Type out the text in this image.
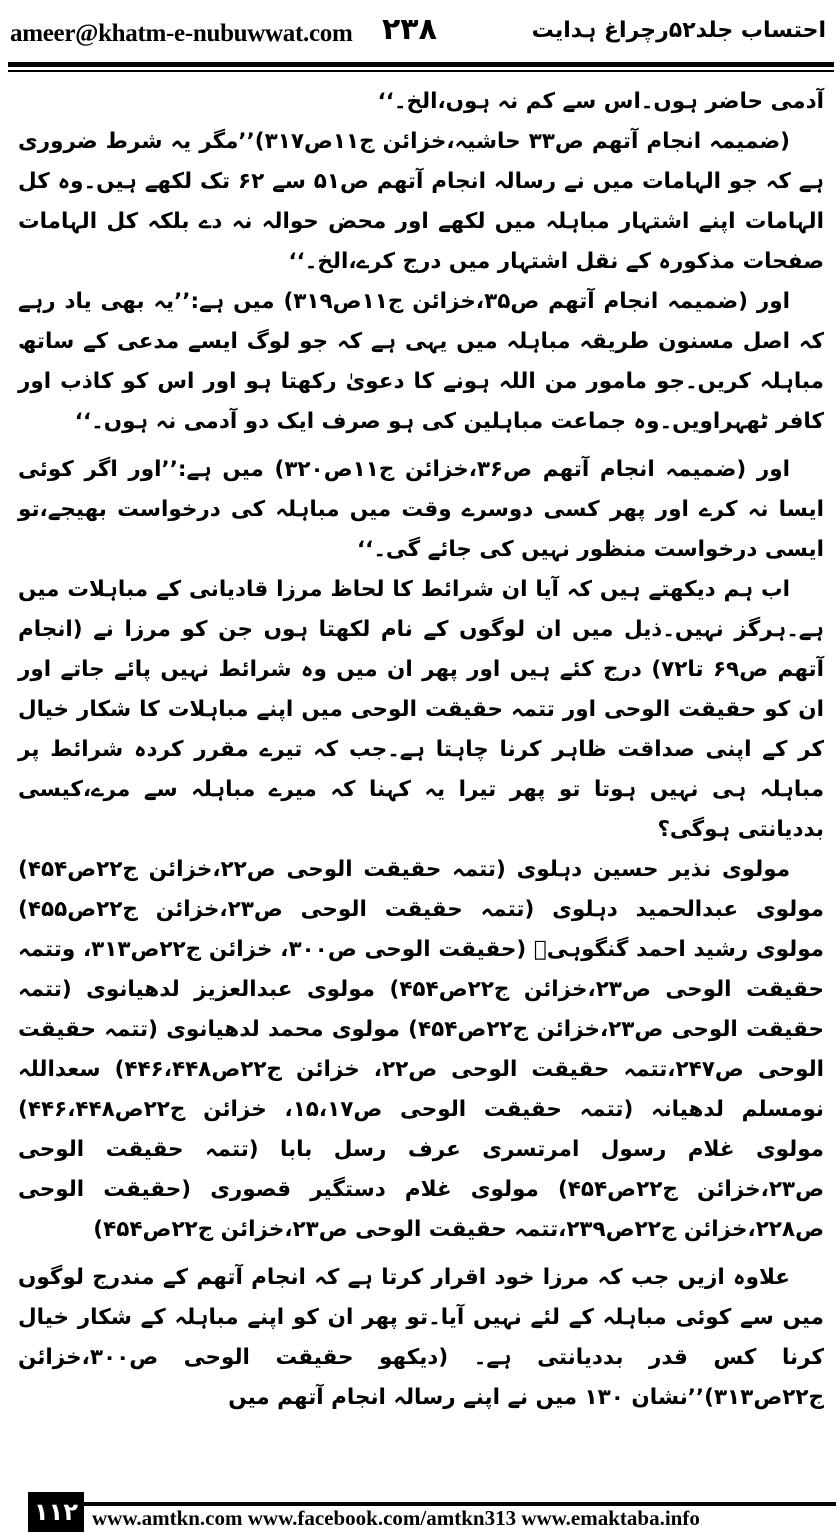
ameer@khatm-e-nubuwwat.com ۲۳۸	احتساب جلد۵۲رچراغ ہدایت

آدمی حاضر ہوں۔اس سے کم نہ ہوں،الخ۔‘‘

(ضمیمہ انجام آتھم ص۳۳ حاشیہ،خزائن ج۱۱ص۳۱۷)’’مگر یہ شرط ضروری ہے کہ جو الہامات میں نے رسالہ انجام آتھم ص۵۱ سے ۶۲ تک لکھے ہیں۔وہ کل الہامات اپنے اشتہار مباہلہ میں لکھے اور محض حوالہ نہ دے بلکہ کل الہامات صفحات مذکورہ کے نقل اشتہار میں درج کرے،الخ۔‘‘

اور (ضمیمہ انجام آتھم ص۳۵،خزائن ج۱۱ص۳۱۹) میں ہے:’’یہ بھی یاد رہے کہ اصل مسنون طریقہ مباہلہ میں یہی ہے کہ جو لوگ ایسے مدعی کے ساتھ مباہلہ کریں۔جو مامور من اللہ ہونے کا دعویٰ رکھتا ہو اور اس کو کاذب اور کافر ٹھہراویں۔وہ جماعت مباہلین کی ہو صرف ایک دو آدمی نہ ہوں۔‘‘

اور (ضمیمہ انجام آتھم ص۳۶،خزائن ج۱۱ص۳۲۰) میں ہے:’’اور اگر کوئی ایسا نہ کرے اور پھر کسی دوسرے وقت میں مباہلہ کی درخواست بھیجے،تو ایسی درخواست منظور نہیں کی جائے گی۔‘‘

اب ہم دیکھتے ہیں کہ آیا ان شرائط کا لحاظ مرزا قادیانی کے مباہلات میں ہے۔ہرگز نہیں۔ذیل میں ان لوگوں کے نام لکھتا ہوں جن کو مرزا نے (انجام آتھم ص۶۹ تا۷۲) درج کئے ہیں اور پھر ان میں وہ شرائط نہیں پائے جاتے اور ان کو حقیقت الوحی اور تتمہ حقیقت الوحی میں اپنے مباہلات کا شکار خیال کر کے اپنی صداقت ظاہر کرنا چاہتا ہے۔جب کہ تیرے مقرر کردہ شرائط پر مباہلہ ہی نہیں ہوتا تو پھر تیرا یہ کہنا کہ میرے مباہلہ سے مرے،کیسی بددیانتی ہوگی؟

مولوی نذیر حسین دہلوی (تتمہ حقیقت الوحی ص۲۲،خزائن ج۲۲ص۴۵۴) مولوی عبدالحمید دہلوی (تتمہ حقیقت الوحی ص۲۳،خزائن ج۲۲ص۴۵۵) مولوی رشید احمد گنگوہیؒ (حقیقت الوحی ص۳۰۰، خزائن ج۲۲ص۳۱۳، وتتمہ حقیقت الوحی ص۲۳،خزائن ج۲۲ص۴۵۴) مولوی عبدالعزیز لدھیانوی (تتمہ حقیقت الوحی ص۲۳،خزائن ج۲۲ص۴۵۴) مولوی محمد لدھیانوی (تتمہ حقیقت الوحی ص۲۴۷،تتمہ حقیقت الوحی ص۲۲، خزائن ج۲۲ص۴۴۶،۴۴۸) سعداللہ نومسلم لدھیانہ (تتمہ حقیقت الوحی ص۱۵،۱۷، خزائن ج۲۲ص۴۴۶،۴۴۸) مولوی غلام رسول امرتسری عرف رسل بابا (تتمہ حقیقت الوحی ص۲۳،خزائن ج۲۲ص۴۵۴) مولوی غلام دستگیر قصوری (حقیقت الوحی ص۲۲۸،خزائن ج۲۲ص۲۳۹،تتمہ حقیقت الوحی ص۲۳،خزائن ج۲۲ص۴۵۴)

علاوہ ازیں جب کہ مرزا خود اقرار کرتا ہے کہ انجام آتھم کے مندرج لوگوں میں سے کوئی مباہلہ کے لئے نہیں آیا۔تو پھر ان کو اپنے مباہلہ کے شکار خیال کرنا کس قدر بددیانتی ہے۔ (دیکھو حقیقت الوحی ص۳۰۰،خزائن ج۲۲ص۳۱۳)’’نشان ۱۳۰ میں نے اپنے رسالہ انجام آتھم میں

۱۱۲ www.amtkn.com www.facebook.com/amtkn313 www.emaktaba.info
